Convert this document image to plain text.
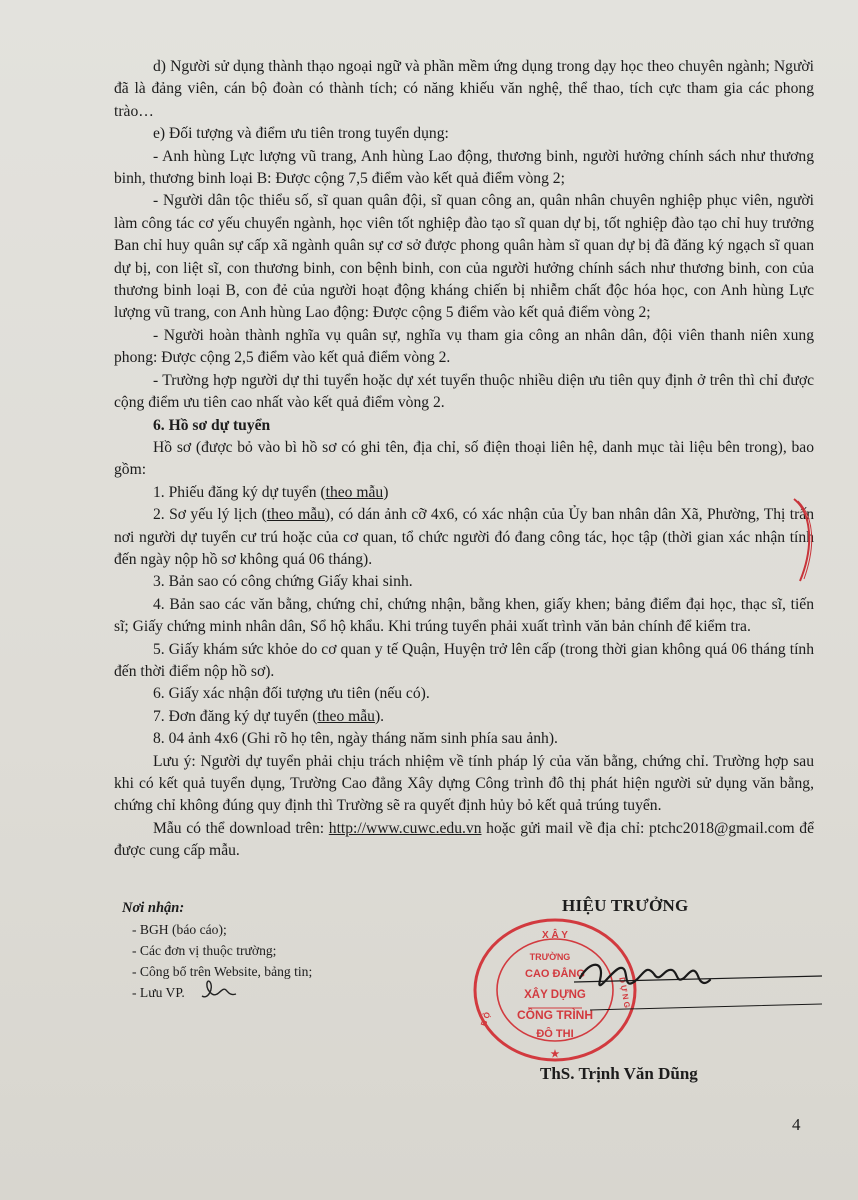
d) Người sử dụng thành thạo ngoại ngữ và phần mềm ứng dụng trong dạy học theo chuyên ngành; Người đã là đảng viên, cán bộ đoàn có thành tích; có năng khiếu văn nghệ, thể thao, tích cực tham gia các phong trào…

e) Đối tượng và điểm ưu tiên trong tuyển dụng:

- Anh hùng Lực lượng vũ trang, Anh hùng Lao động, thương binh, người hưởng chính sách như thương binh, thương binh loại B: Được cộng 7,5 điểm vào kết quả điểm vòng 2;

- Người dân tộc thiểu số, sĩ quan quân đội, sĩ quan công an, quân nhân chuyên nghiệp phục viên, người làm công tác cơ yếu chuyển ngành, học viên tốt nghiệp đào tạo sĩ quan dự bị, tốt nghiệp đào tạo chỉ huy trưởng Ban chỉ huy quân sự cấp xã ngành quân sự cơ sở được phong quân hàm sĩ quan dự bị đã đăng ký ngạch sĩ quan dự bị, con liệt sĩ, con thương binh, con bệnh binh, con của người hưởng chính sách như thương binh, con của thương binh loại B, con đẻ của người hoạt động kháng chiến bị nhiễm chất độc hóa học, con Anh hùng Lực lượng vũ trang, con Anh hùng Lao động: Được cộng 5 điểm vào kết quả điểm vòng 2;

- Người hoàn thành nghĩa vụ quân sự, nghĩa vụ tham gia công an nhân dân, đội viên thanh niên xung phong: Được cộng 2,5 điểm vào kết quả điểm vòng 2.

- Trường hợp người dự thi tuyển hoặc dự xét tuyển thuộc nhiều diện ưu tiên quy định ở trên thì chỉ được cộng điểm ưu tiên cao nhất vào kết quả điểm vòng 2.

6. Hồ sơ dự tuyển

Hồ sơ (được bỏ vào bì hồ sơ có ghi tên, địa chỉ, số điện thoại liên hệ, danh mục tài liệu bên trong), bao gồm:

1. Phiếu đăng ký dự tuyển (theo mẫu)

2. Sơ yếu lý lịch (theo mẫu), có dán ảnh cỡ 4x6, có xác nhận của Ủy ban nhân dân Xã, Phường, Thị trấn nơi người dự tuyển cư trú hoặc của cơ quan, tổ chức người đó đang công tác, học tập (thời gian xác nhận tính đến ngày nộp hồ sơ không quá 06 tháng).

3. Bản sao có công chứng Giấy khai sinh.

4. Bản sao các văn bằng, chứng chỉ, chứng nhận, bằng khen, giấy khen; bảng điểm đại học, thạc sĩ, tiến sĩ; Giấy chứng minh nhân dân, Sổ hộ khẩu. Khi trúng tuyển phải xuất trình văn bản chính để kiểm tra.

5. Giấy khám sức khỏe do cơ quan y tế Quận, Huyện trở lên cấp (trong thời gian không quá 06 tháng tính đến thời điểm nộp hồ sơ).

6. Giấy xác nhận đối tượng ưu tiên (nếu có).

7. Đơn đăng ký dự tuyển (theo mẫu).

8. 04 ảnh 4x6 (Ghi rõ họ tên, ngày tháng năm sinh phía sau ảnh).

Lưu ý: Người dự tuyển phải chịu trách nhiệm về tính pháp lý của văn bằng, chứng chỉ. Trường hợp sau khi có kết quả tuyển dụng, Trường Cao đẳng Xây dựng Công trình đô thị phát hiện người sử dụng văn bằng, chứng chỉ không đúng quy định thì Trường sẽ ra quyết định hủy bỏ kết quả trúng tuyển.

Mẫu có thể download trên: http://www.cuwc.edu.vn hoặc gửi mail về địa chỉ: ptchc2018@gmail.com để được cung cấp mẫu.

Nơi nhận:
- BGH (báo cáo);
- Các đơn vị thuộc trường;
- Công bố trên Website, bảng tin;
- Lưu VP.
HIỆU TRƯỞNG
X Â Y
TRƯỜNG
CAO ĐẲNG
XÂY DỰNG
CÔNG TRÌNH
ĐÔ THỊ
B Ộ
D Ự N G
★
ThS. Trịnh Văn Dũng
4
